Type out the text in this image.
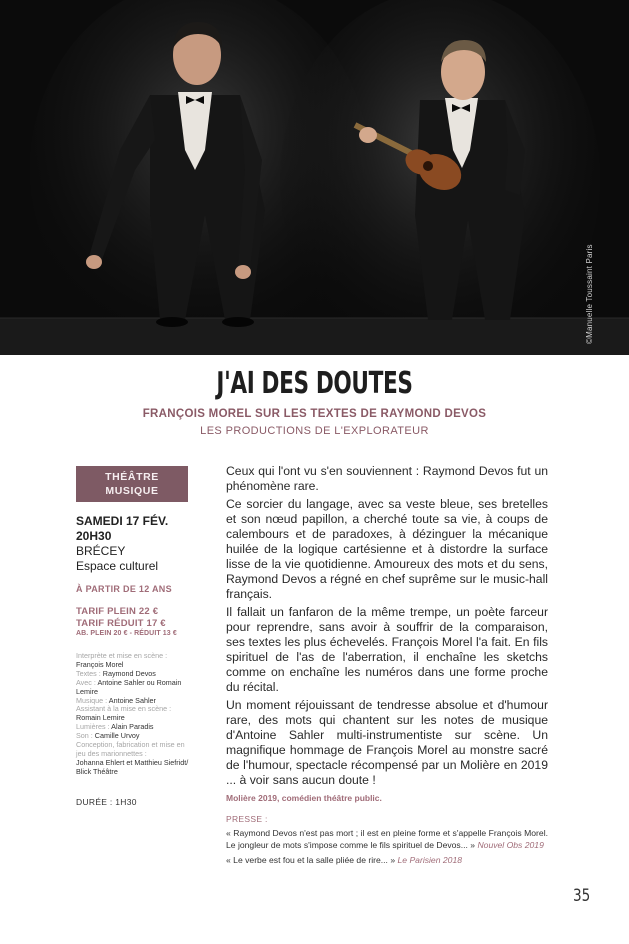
©Manuelle Toussaint Paris
J'AI DES DOUTES
FRANÇOIS MOREL SUR LES TEXTES DE RAYMOND DEVOS
LES PRODUCTIONS DE L'EXPLORATEUR
THÉÂTRE
MUSIQUE
SAMEDI 17 FÉV.
20H30
BRÉCEY
Espace culturel
À PARTIR DE 12 ANS
TARIF PLEIN 22 €
TARIF RÉDUIT 17 €
AB. PLEIN 20 € - RÉDUIT 13 €
Interprète et mise en scène :
François Morel
Textes : Raymond Devos
Avec : Antoine Sahler ou Romain Lemire
Musique : Antoine Sahler
Assistant à la mise en scène :
Romain Lemire
Lumières : Alain Paradis
Son : Camille Urvoy
Conception, fabrication et mise en jeu des marionnettes :
Johanna Ehlert et Matthieu Siefridt/ Blick Théâtre
DURÉE : 1H30

Ceux qui l'ont vu s'en souviennent : Raymond Devos fut un phénomène rare.

Ce sorcier du langage, avec sa veste bleue, ses bretelles et son nœud papillon, a cherché toute sa vie, à coups de calembours et de paradoxes, à dézinguer la mécanique huilée de la logique cartésienne et à distordre la surface lisse de la vie quotidienne. Amoureux des mots et du sens, Raymond Devos a régné en chef suprême sur le music-hall français.

Il fallait un fanfaron de la même trempe, un poète farceur pour reprendre, sans avoir à souffrir de la comparaison, ses textes les plus échevelés. François Morel l'a fait. En fils spirituel de l'as de l'aberration, il enchaîne les sketchs comme on enchaîne les numéros dans une forme proche du récital.

Un moment réjouissant de tendresse absolue et d'humour rare, des mots qui chantent sur les notes de musique d'Antoine Sahler multi-instrumentiste sur scène. Un magnifique hommage de François Morel au monstre sacré de l'humour, spectacle récompensé par un Molière en 2019 ... à voir sans aucun doute !

Molière 2019, comédien théâtre public.
PRESSE :

« Raymond Devos n'est pas mort ; il est en pleine forme et s'appelle François Morel. Le jongleur de mots s'impose comme le fils spirituel de Devos... » Nouvel Obs 2019

« Le verbe est fou et la salle pliée de rire... » Le Parisien 2018

35
